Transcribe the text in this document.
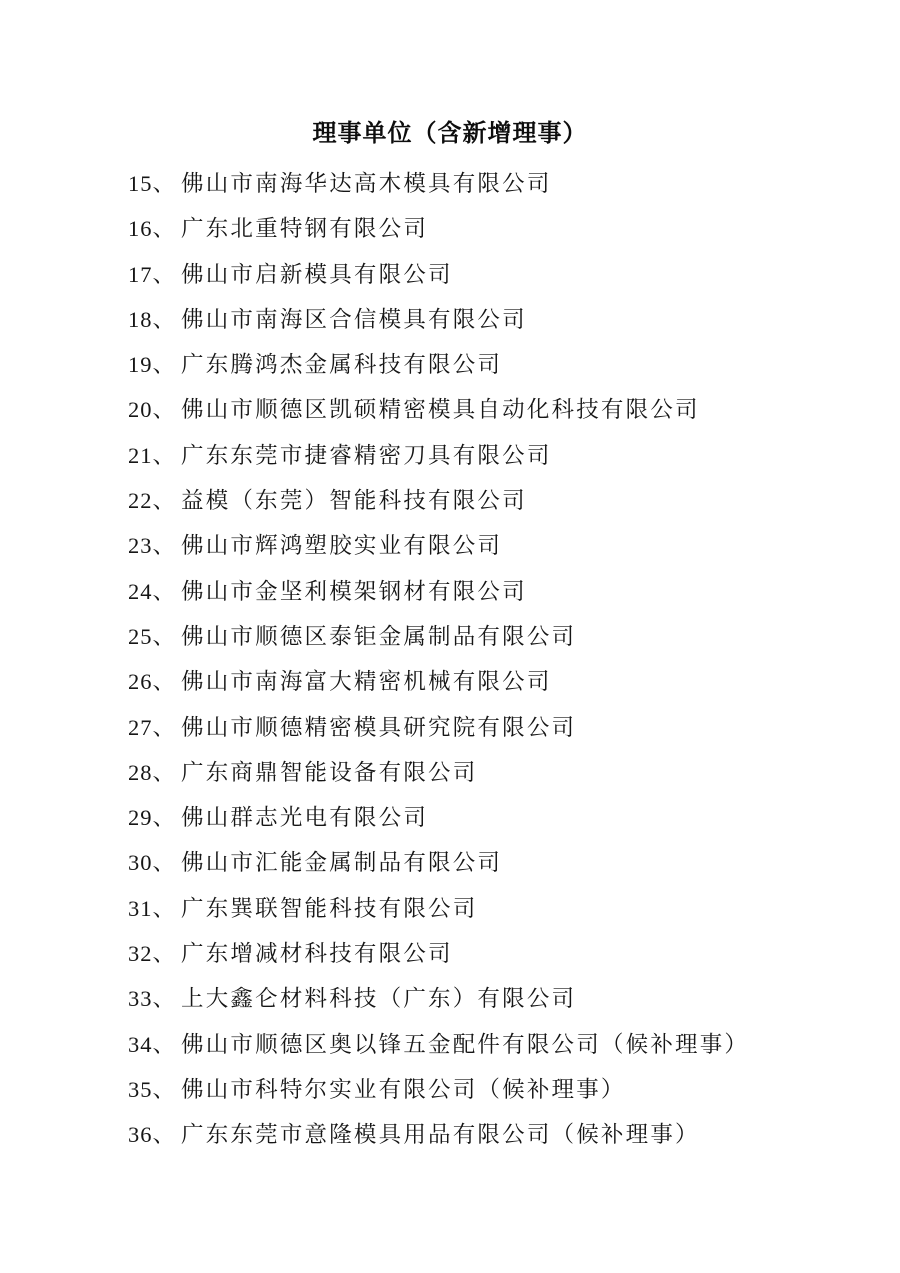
理事单位（含新增理事）
15、 佛山市南海华达高木模具有限公司
16、 广东北重特钢有限公司
17、 佛山市启新模具有限公司
18、 佛山市南海区合信模具有限公司
19、 广东腾鸿杰金属科技有限公司
20、 佛山市顺德区凯硕精密模具自动化科技有限公司
21、 广东东莞市捷睿精密刀具有限公司
22、 益模（东莞）智能科技有限公司
23、 佛山市辉鸿塑胶实业有限公司
24、 佛山市金坚利模架钢材有限公司
25、 佛山市顺德区泰钜金属制品有限公司
26、 佛山市南海富大精密机械有限公司
27、 佛山市顺德精密模具研究院有限公司
28、 广东商鼎智能设备有限公司
29、 佛山群志光电有限公司
30、 佛山市汇能金属制品有限公司
31、 广东巽联智能科技有限公司
32、 广东增减材科技有限公司
33、 上大鑫仑材料科技（广东）有限公司
34、 佛山市顺德区奥以锋五金配件有限公司（候补理事）
35、 佛山市科特尔实业有限公司（候补理事）
36、 广东东莞市意隆模具用品有限公司（候补理事）
